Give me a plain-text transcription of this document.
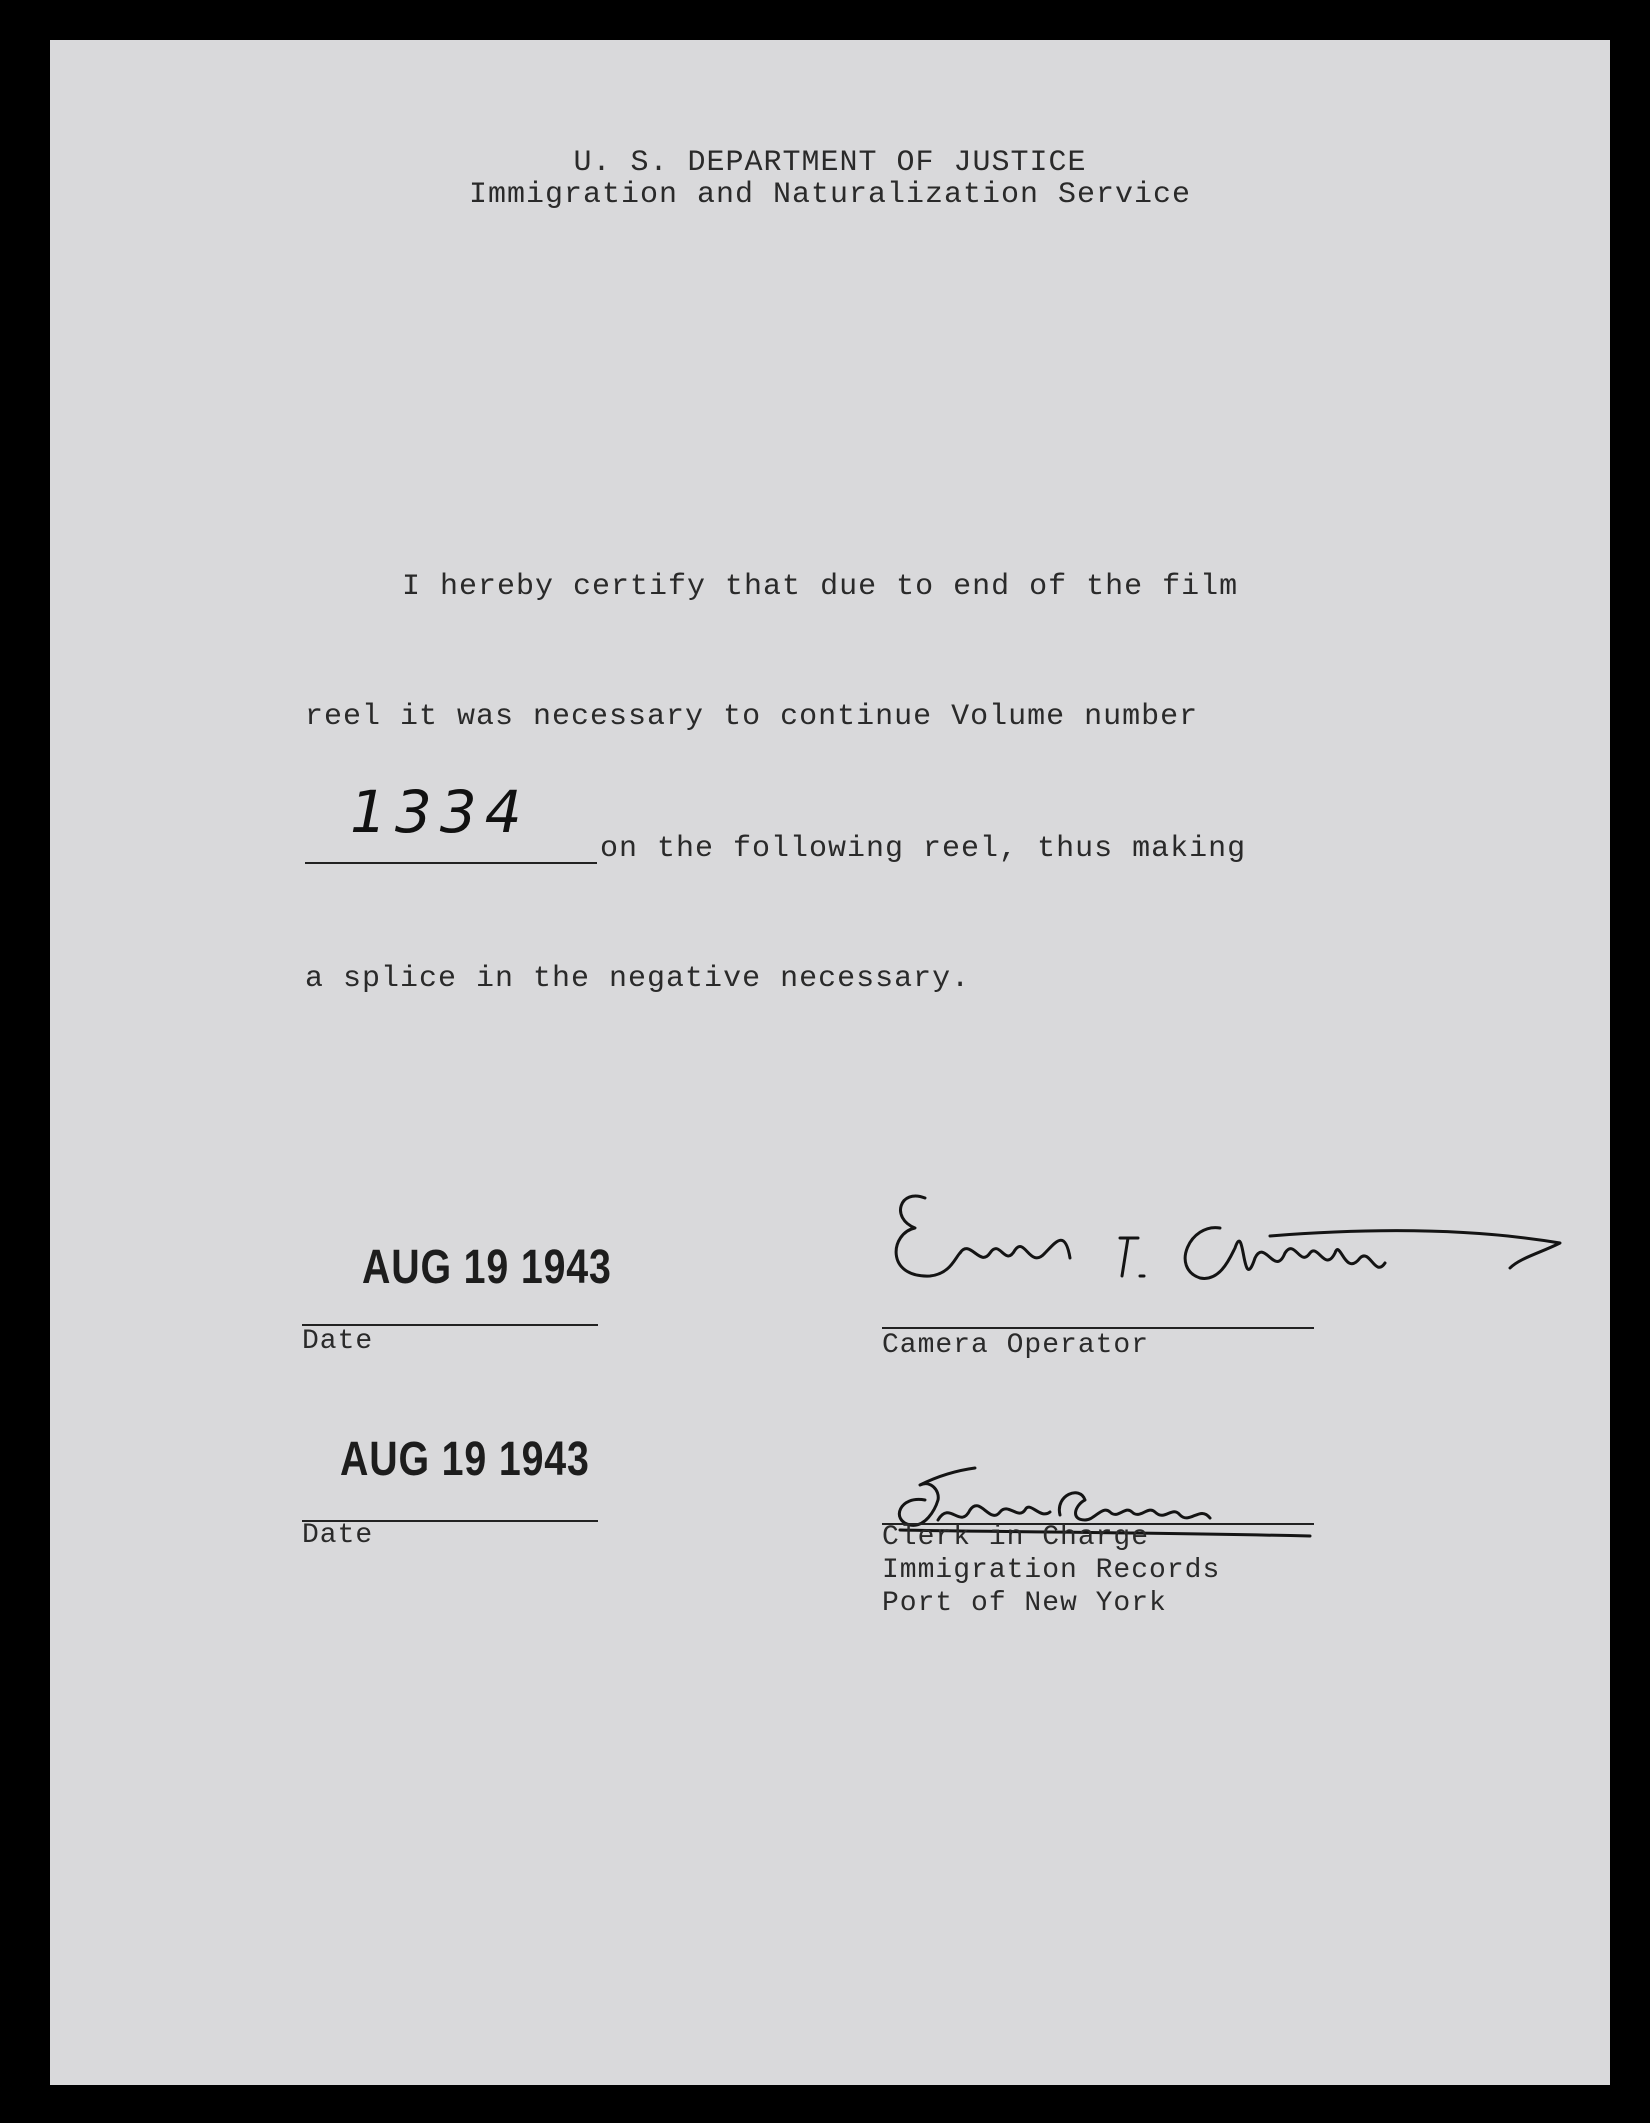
U. S. DEPARTMENT OF JUSTICE
Immigration and Naturalization Service
I hereby certify that due to end of the film
reel it was necessary to continue Volume number
1334
on the following reel, thus making
a splice in the negative necessary.
AUG 19 1943
Date	Camera Operator
AUG 19 1943
Date	Clerk in Charge
Immigration Records
Port of New York
